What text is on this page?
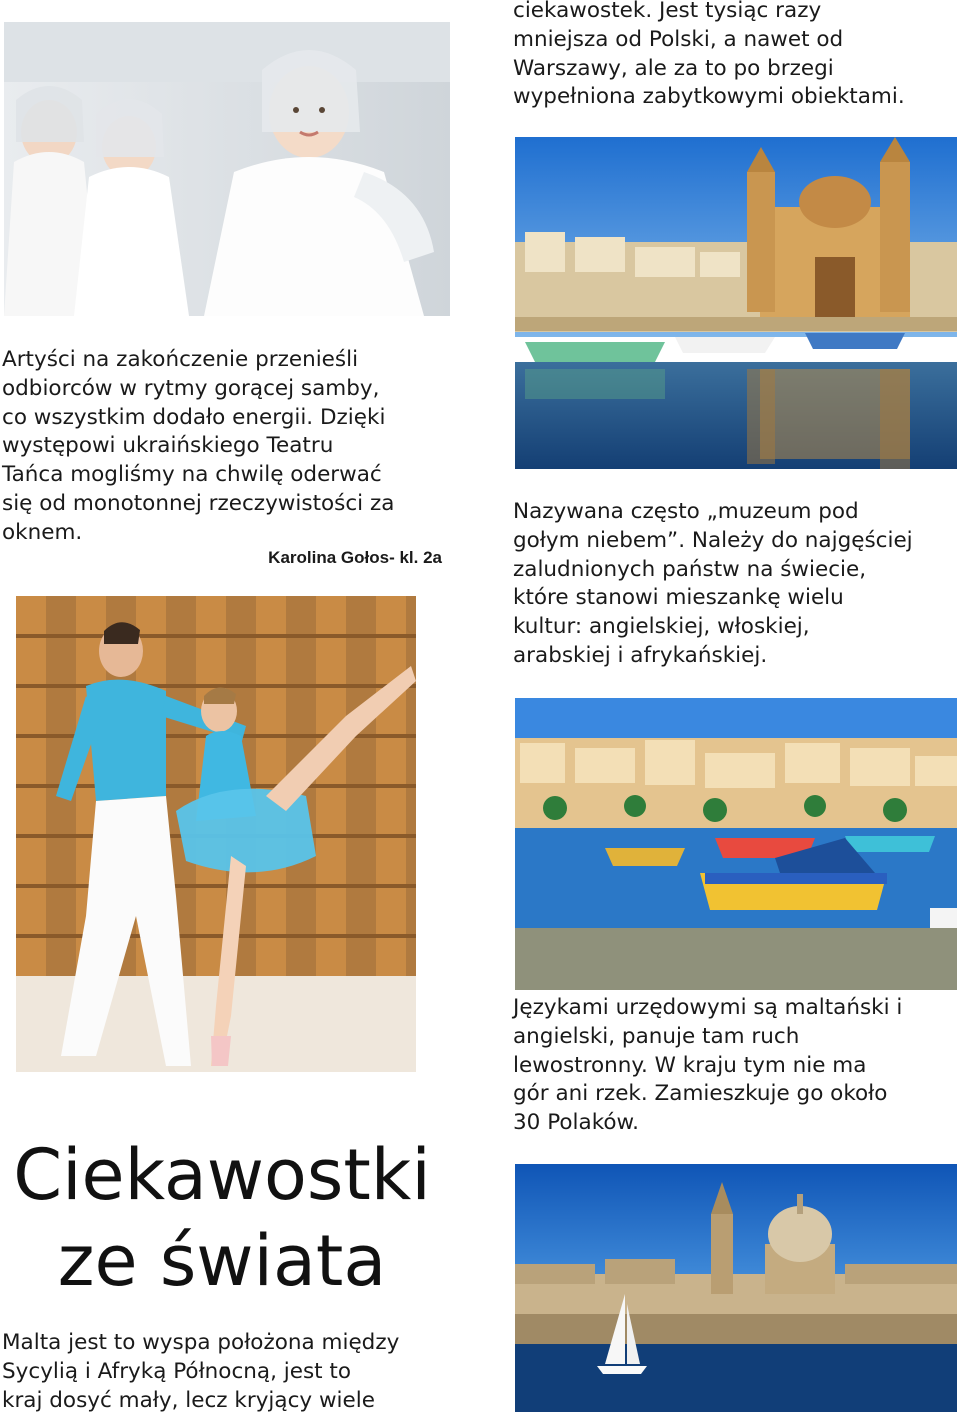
ciekawostek. Jest tysiąc razy

mniejsza od Polski, a nawet od

Warszawy, ale za to po brzegi

wypełniona zabytkowymi obiektami.

Artyści na zakończenie przenieśli

odbiorców w rytmy gorącej samby,

co wszystkim dodało energii. Dzięki

występowi ukraińskiego Teatru

Tańca mogliśmy na chwilę oderwać

się od monotonnej rzeczywistości za

oknem.

Karolina Gołos- kl. 2a

Ciekawostki

ze świata

Malta jest to wyspa położona między

Sycylią i Afryką Północną, jest to

kraj dosyć mały, lecz kryjący wiele

Nazywana często „muzeum pod

gołym niebem”. Należy do najgęściej

zaludnionych państw na świecie,

które stanowi mieszankę wielu

kultur: angielskiej, włoskiej,

arabskiej i afrykańskiej.

Językami urzędowymi są maltański i

angielski, panuje tam ruch

lewostronny. W kraju tym nie ma

gór ani rzek. Zamieszkuje go około

30 Polaków.
